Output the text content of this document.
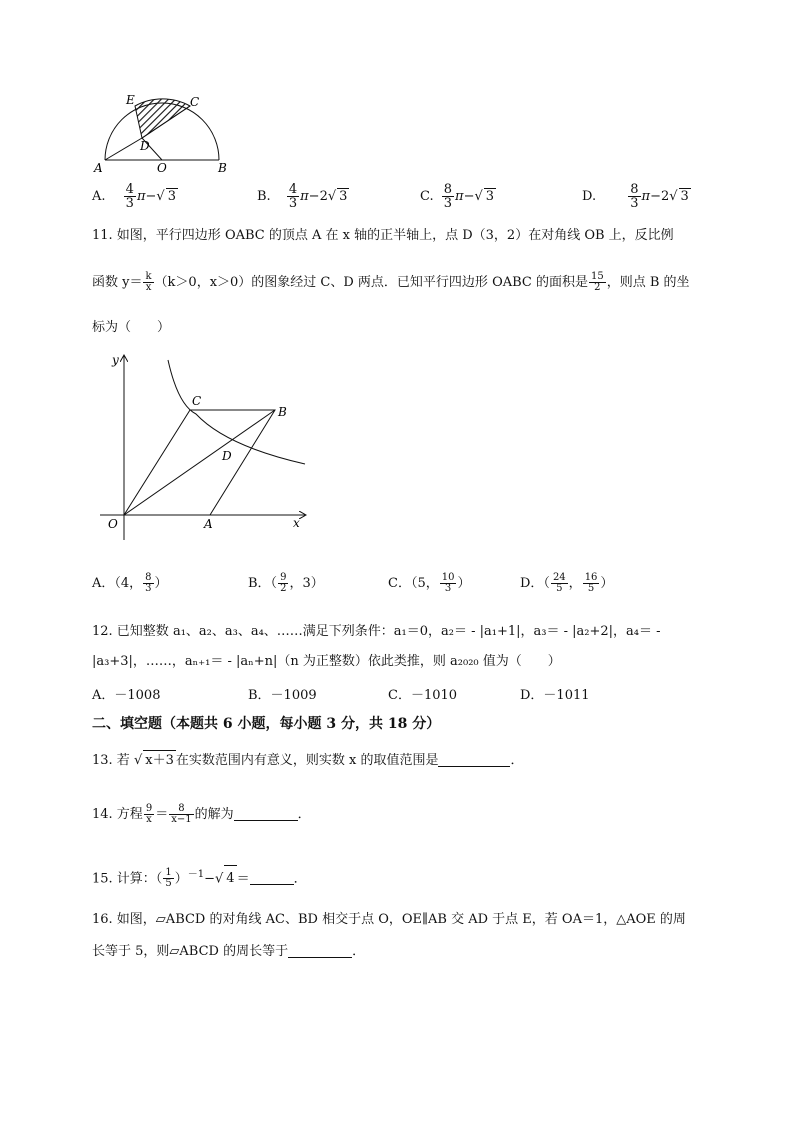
E	C
D
A	O	B
A. $\frac{4}{3} \pi-√$ 3	B. $\frac{4}{3} \pi-2√$ 3	C. $\frac{8}{3} \pi-√$ 3	D. $\frac{8}{3} \pi-2√$ 3
11. 如图，平行四边形 OABC 的顶点 A 在 x 轴的正半轴上，点 D（3，2）在对角线 OB 上，反比例
函数 $y= \frac{k}{x} (k>0$，x＞0）的图象经过 C、D 两点．已知平行四边形 OABC 的面积是 $\frac{15}{2}$ ，则点 B 的坐
标为（　　）
y
x
O	A
B
C
D
A．（4， $\frac{8}{3}$ ）	B．（ $\frac{9}{2}$ ，3）	C．（5， $\frac{10}{3}$ ）	D．（ $\frac{24}{5}$ ， $\frac{16}{5}$ ）
12. 已知整数 a₁、a₂、a₃、a₄、……满足下列条件：a₁＝0，a₂＝ - |a₁+1|，a₃＝ - |a₂+2|，a₄＝ -
|a₃+3|，……，aₙ₊₁＝ - |aₙ+n|（n 为正整数）依此类推，则 a₂₀₂₀ 值为（　　）
A．－1008	B．－1009	C．－1010	D．－1011
二、填空题（本题共 6 小题，每小题 3 分，共 18 分）
13. 若 √ x＋3 在实数范围内有意义，则实数 x 的取值范围是	．
14. 方程 $\frac{9}{x} = \frac{8}{x-1}$ 的解为	．
15. 计算：（ $\frac{1}{5} )^{-1}-√$ 4 ＝	．
16. 如图，▱ABCD 的对角线 AC、BD 相交于点 O，OE∥AB 交 AD 于点 E，若 OA＝1，△AOE 的周
长等于 5，则▱ABCD 的周长等于	．
